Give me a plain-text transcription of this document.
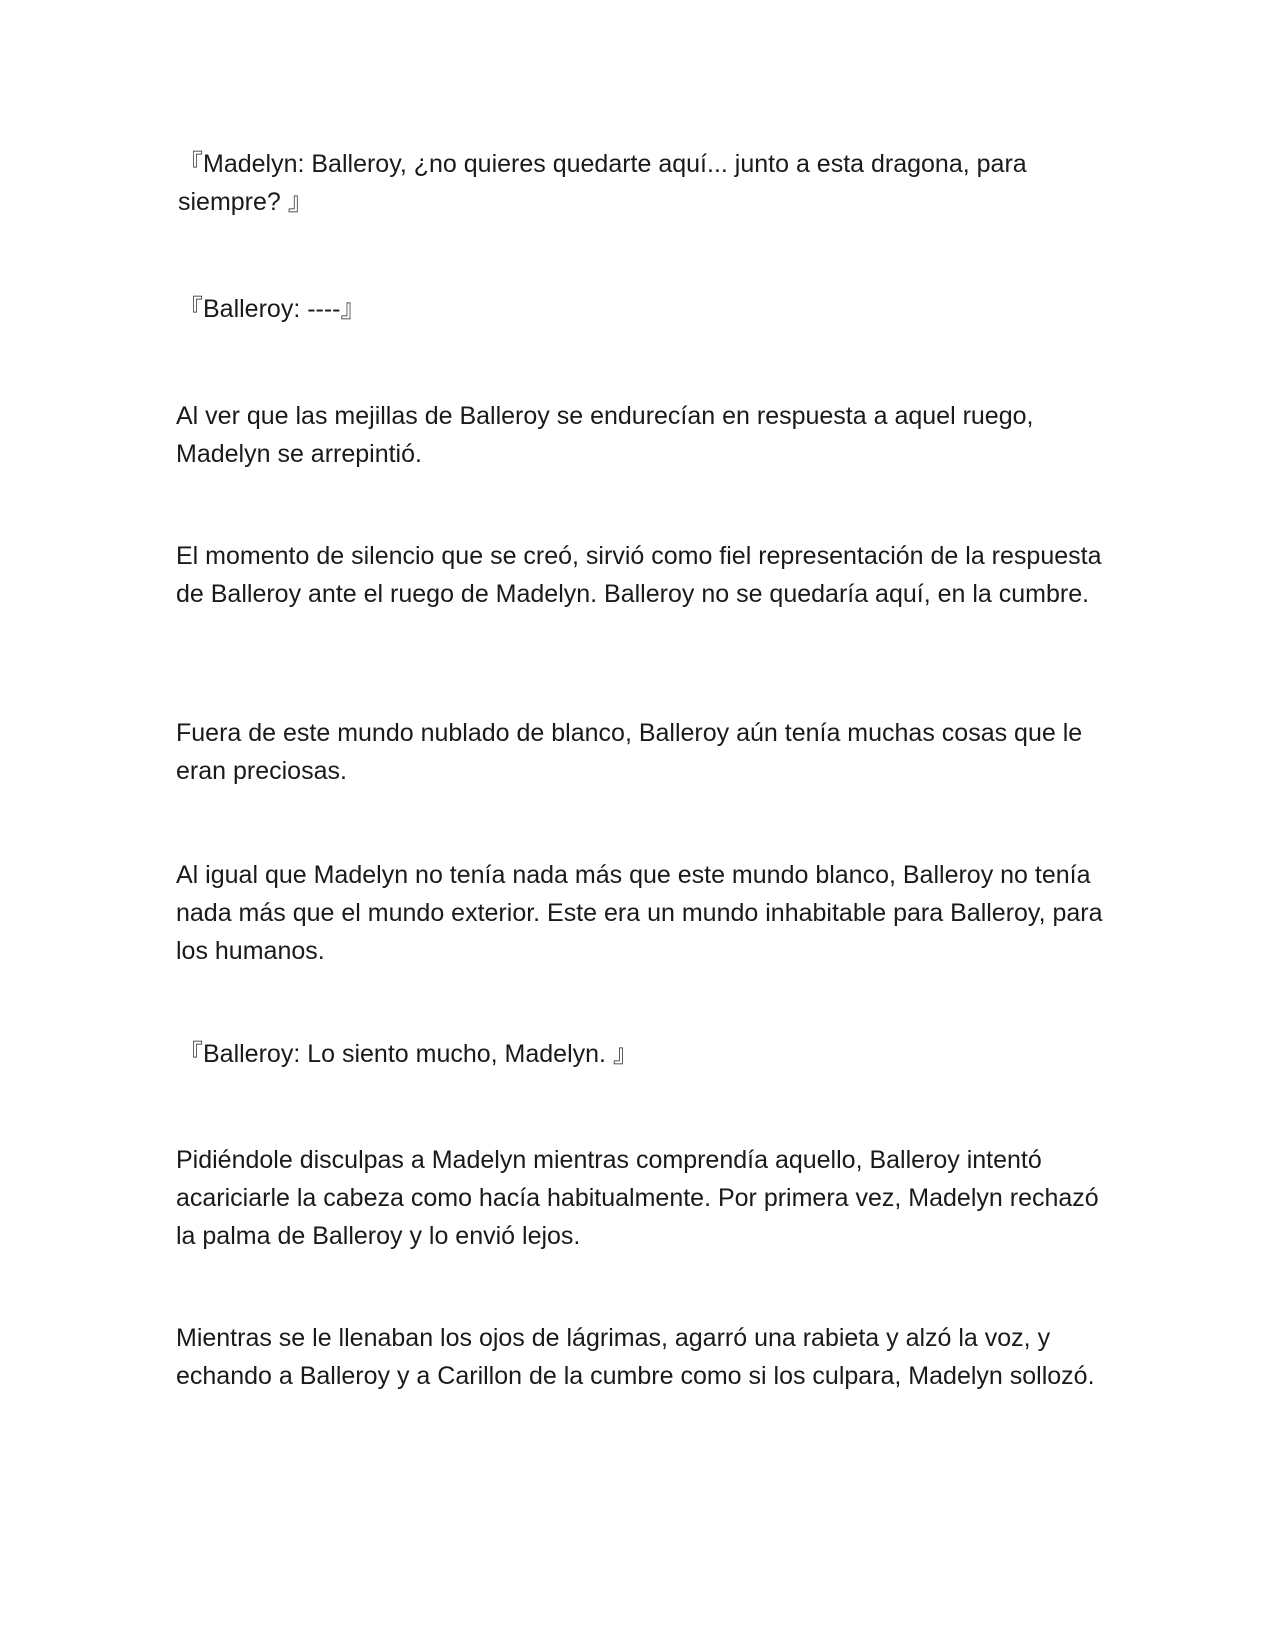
『Madelyn: Balleroy, ¿no quieres quedarte aquí... junto a esta dragona, para siempre? 』

『Balleroy: ----』

Al ver que las mejillas de Balleroy se endurecían en respuesta a aquel ruego, Madelyn se arrepintió.

El momento de silencio que se creó, sirvió como fiel representación de la respuesta de Balleroy ante el ruego de Madelyn. Balleroy no se quedaría aquí, en la cumbre.

Fuera de este mundo nublado de blanco, Balleroy aún tenía muchas cosas que le eran preciosas.

Al igual que Madelyn no tenía nada más que este mundo blanco, Balleroy no tenía nada más que el mundo exterior. Este era un mundo inhabitable para Balleroy, para los humanos.

『Balleroy: Lo siento mucho, Madelyn. 』

Pidiéndole disculpas a Madelyn mientras comprendía aquello, Balleroy intentó acariciarle la cabeza como hacía habitualmente. Por primera vez, Madelyn rechazó la palma de Balleroy y lo envió lejos.

Mientras se le llenaban los ojos de lágrimas, agarró una rabieta y alzó la voz, y echando a Balleroy y a Carillon de la cumbre como si los culpara, Madelyn sollozó.
